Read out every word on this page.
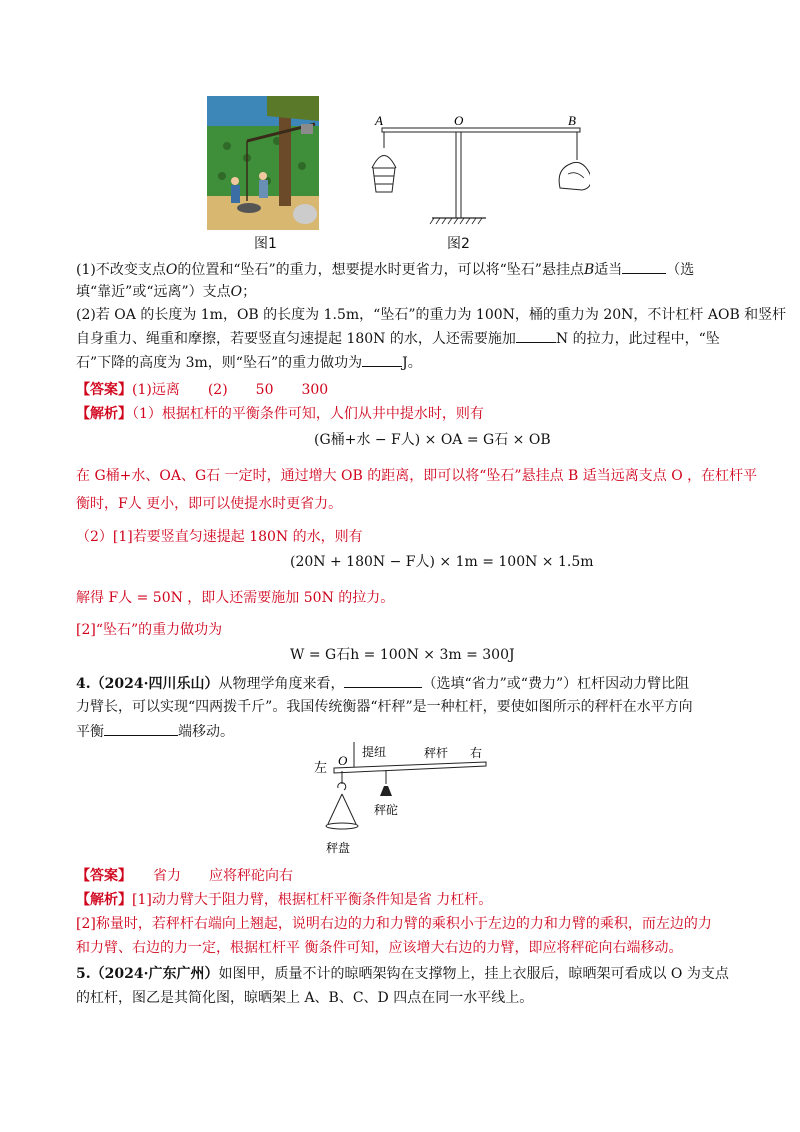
图1
A	O	B
图2
(1)不改变支点O的位置和“坠石”的重力，想要提水时更省力，可以将“坠石”悬挂点B适当	（选
填“靠近”或“远离”）支点O；
(2)若 OA 的长度为 1m，OB 的长度为 1.5m，“坠石”的重力为 100N，桶的重力为 20N，不计杠杆 AOB 和竖杆
自身重力、绳重和摩擦，若要竖直匀速提起 180N 的水，人还需要施加	N 的拉力，此过程中，“坠
石”下降的高度为 3m，则“坠石”的重力做功为	J。
【答案】(1)远离　　(2)　　50　　300
【解析】（1）根据杠杆的平衡条件可知，人们从井中提水时，则有
(G桶+水 − F人) × OA = G石 × OB
在 G桶+水、OA、G石 一定时，通过增大 OB 的距离，即可以将“坠石”悬挂点 B 适当远离支点 O ，在杠杆平
衡时，F人 更小，即可以使提水时更省力。
（2）[1]若要竖直匀速提起 180N 的水，则有
(20N + 180N − F人) × 1m = 100N × 1.5m
解得 F人 = 50N ，即人还需要施加 50N 的拉力。
[2]“坠石”的重力做功为
W = G石h = 100N × 3m = 300J
4.（2024·四川乐山）从物理学角度来看，	（选填“省力”或“费力”）杠杆因动力臂比阻
力臂长，可以实现“四两拨千斤”。我国传统衡器“杆秤”是一种杠杆，要使如图所示的秤杆在水平方向
平衡	端移动。
左
O
提纽	秤杆 右
秤砣
秤盘
【答案】　　省力　　应将秤砣向右
【解析】[1]动力臂大于阻力臂，根据杠杆平衡条件知是省 力杠杆。
[2]称量时，若秤杆右端向上翘起，说明右边的力和力臂的乘积小于左边的力和力臂的乘积，而左边的力
和力臂、右边的力一定，根据杠杆平 衡条件可知，应该增大右边的力臂，即应将秤砣向右端移动。
5.（2024·广东广州）如图甲，质量不计的晾晒架钩在支撑物上，挂上衣服后，晾晒架可看成以 O 为支点
的杠杆，图乙是其简化图，晾晒架上 A、B、C、D 四点在同一水平线上。
